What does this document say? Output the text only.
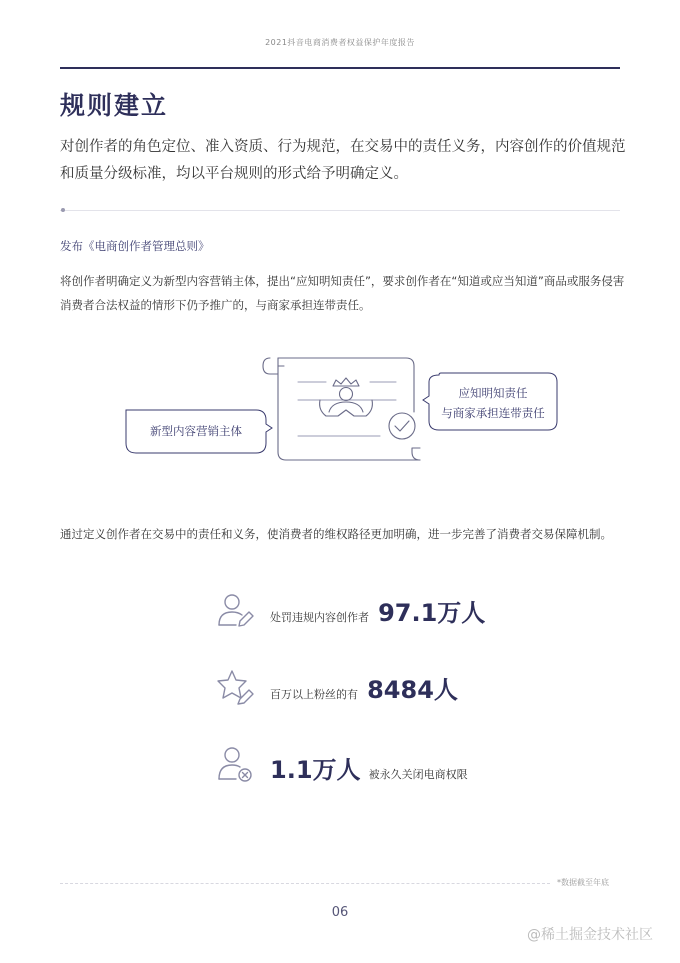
2021抖音电商消费者权益保护年度报告
规则建立
对创作者的角色定位、准入资质、行为规范，在交易中的责任义务，内容创作的价值规范和质量分级标准，均以平台规则的形式给予明确定义。
发布《电商创作者管理总则》
将创作者明确定义为新型内容营销主体，提出“应知明知责任”，要求创作者在“知道或应当知道”商品或服务侵害消费者合法权益的情形下仍予推广的，与商家承担连带责任。
新型内容营销主体
应知明知责任
与商家承担连带责任
通过定义创作者在交易中的责任和义务，使消费者的维权路径更加明确，进一步完善了消费者交易保障机制。
处罚违规内容创作者 97.1万人
百万以上粉丝的有 8484人
1.1万人 被永久关闭电商权限
*数据截至年底
06
@稀土掘金技术社区
